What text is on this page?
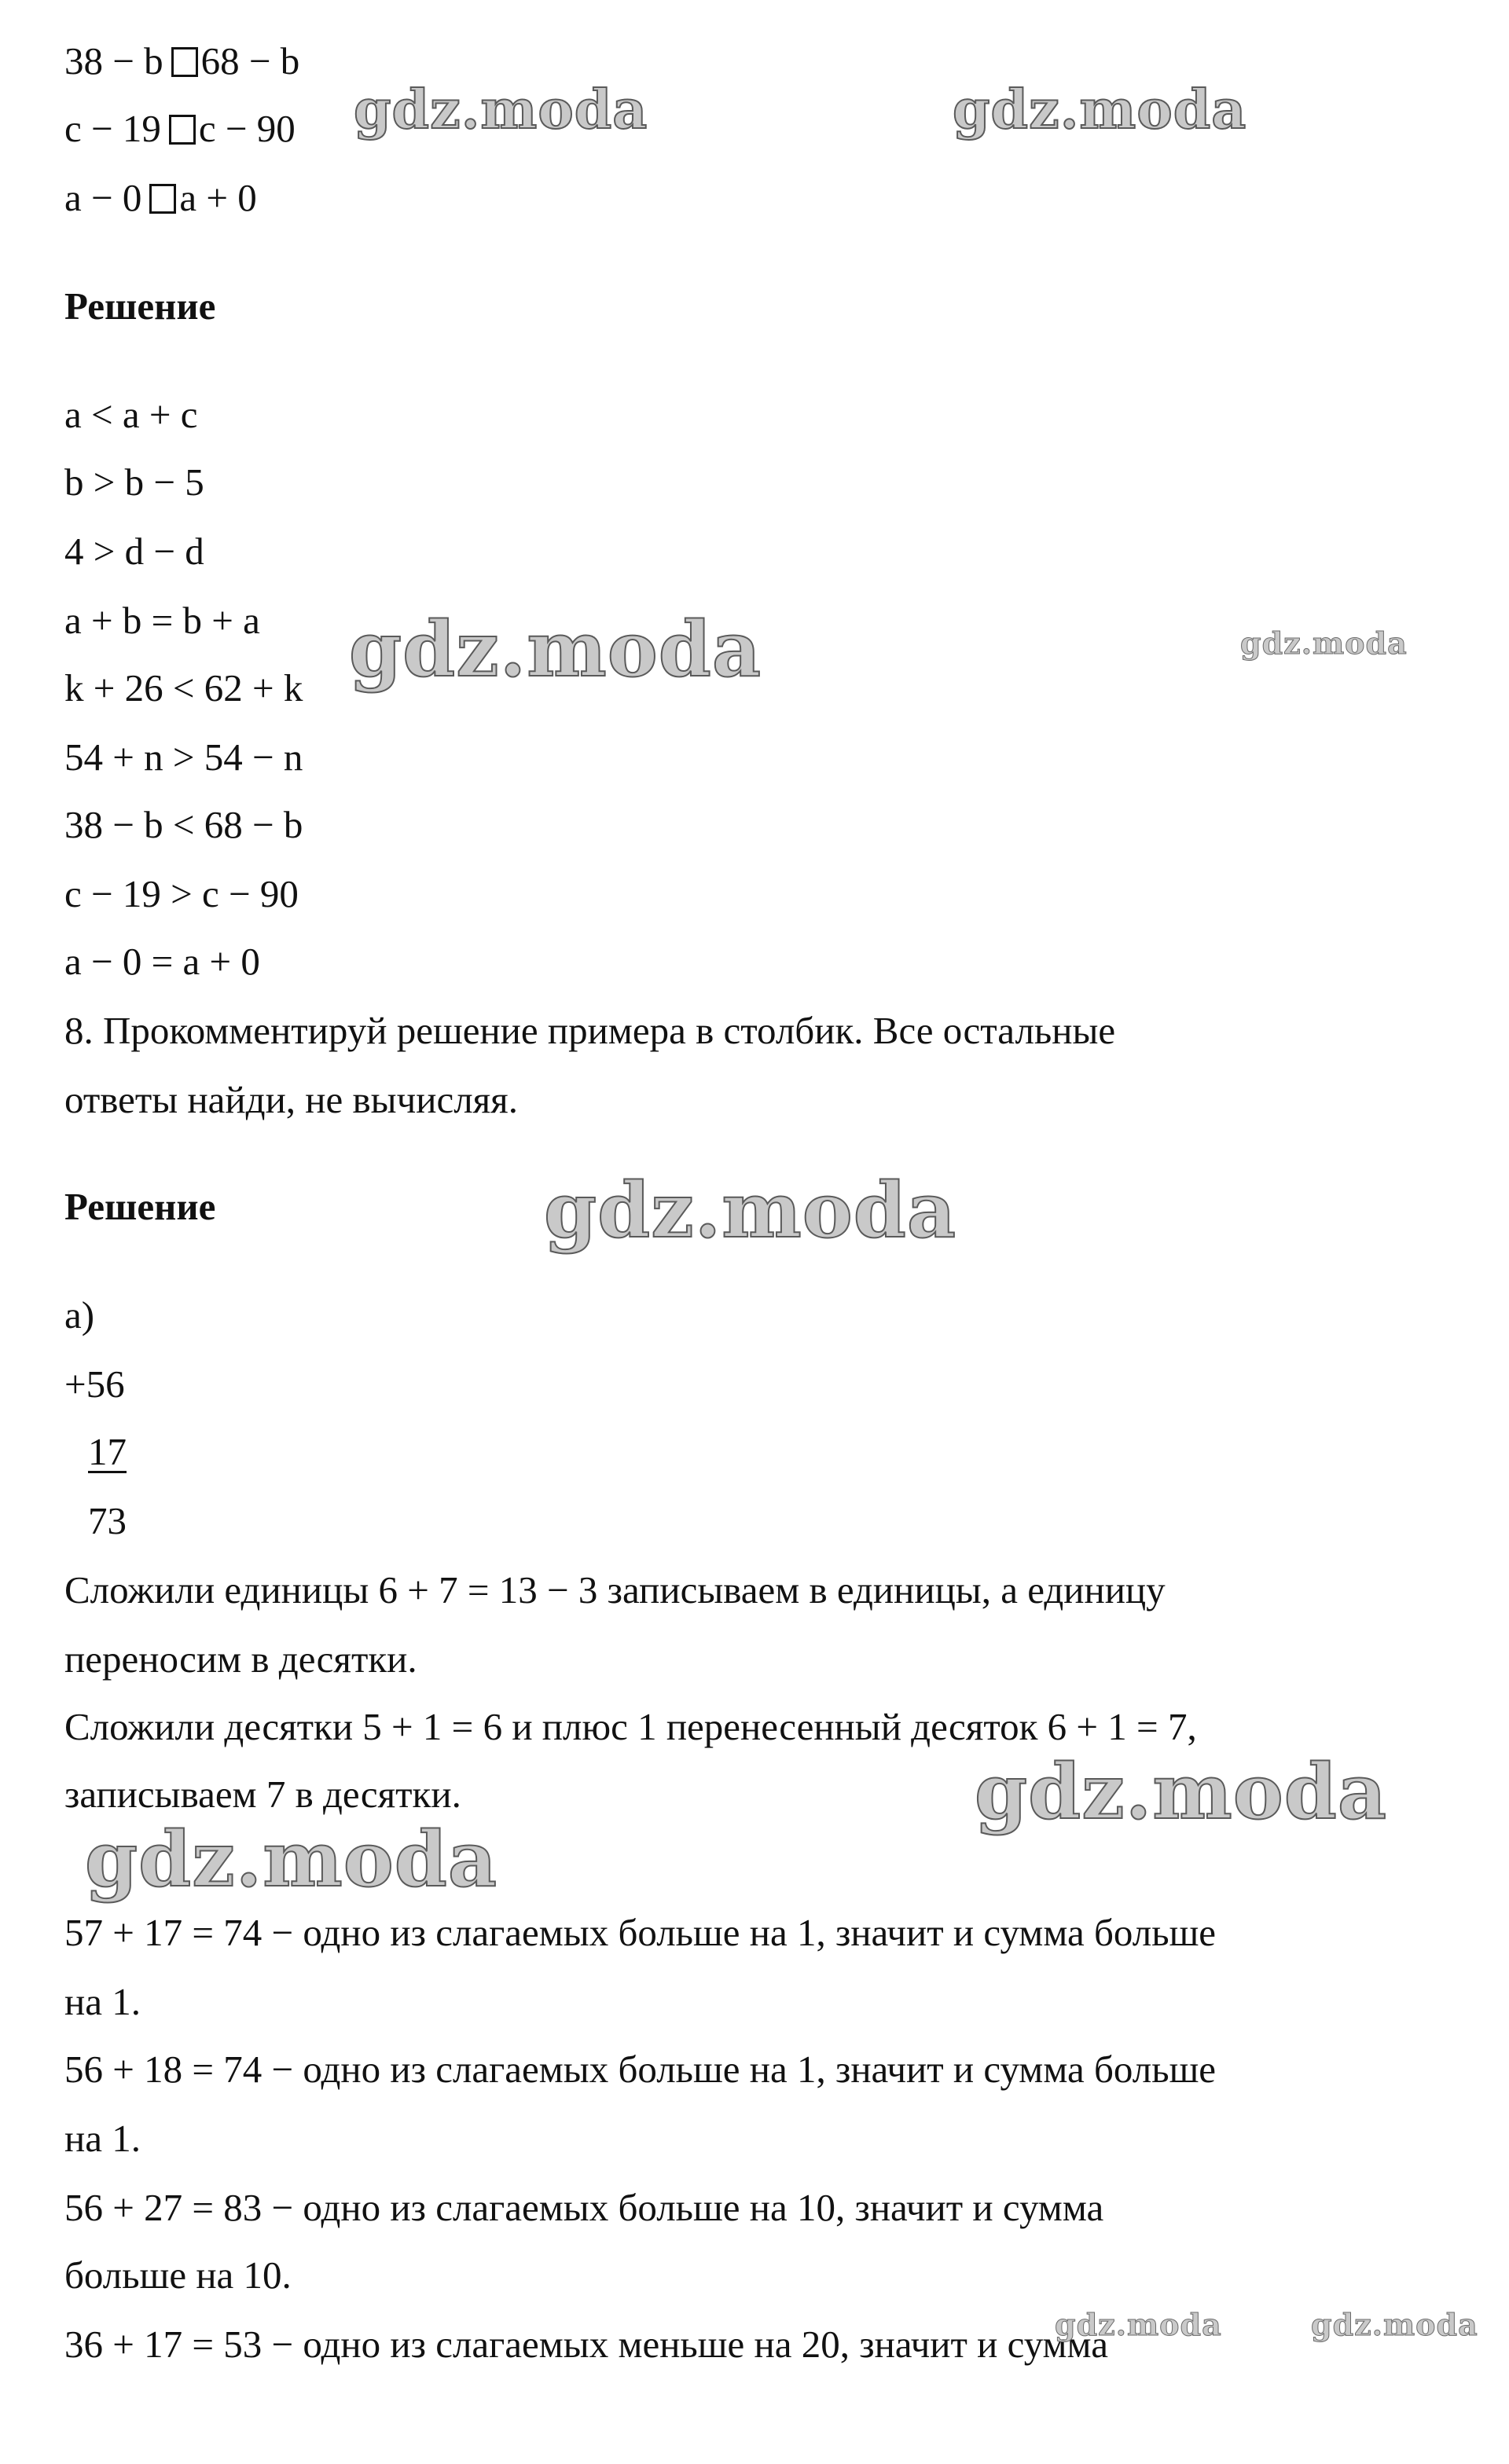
38 − b 68 − b
c − 19 c − 90
a − 0 a + 0
Решение
a < a + c
b > b − 5
4 > d − d
a + b = b + a
k + 26 < 62 + k
54 + n > 54 − n
38 − b < 68 − b
c − 19 > c − 90
a − 0 = a + 0
8. Прокомментируй решение примера в столбик. Все остальные
ответы найди, не вычисляя.
Решение
а)
+56
17
73
Сложили единицы 6 + 7 = 13 − 3 записываем в единицы, а единицу
переносим в десятки.
Сложили десятки 5 + 1 = 6 и плюс 1 перенесенный десяток 6 + 1 = 7,
записываем 7 в десятки.
57 + 17 = 74 − одно из слагаемых больше на 1, значит и сумма больше
на 1.
56 + 18 = 74 − одно из слагаемых больше на 1, значит и сумма больше
на 1.
56 + 27 = 83 − одно из слагаемых больше на 10, значит и сумма
больше на 10.
36 + 17 = 53 − одно из слагаемых меньше на 20, значит и сумма
gdz.moda	gdz.moda
gdz.moda	gdz.moda
gdz.moda
gdz.moda
gdz.moda
gdz.moda	gdz.moda
